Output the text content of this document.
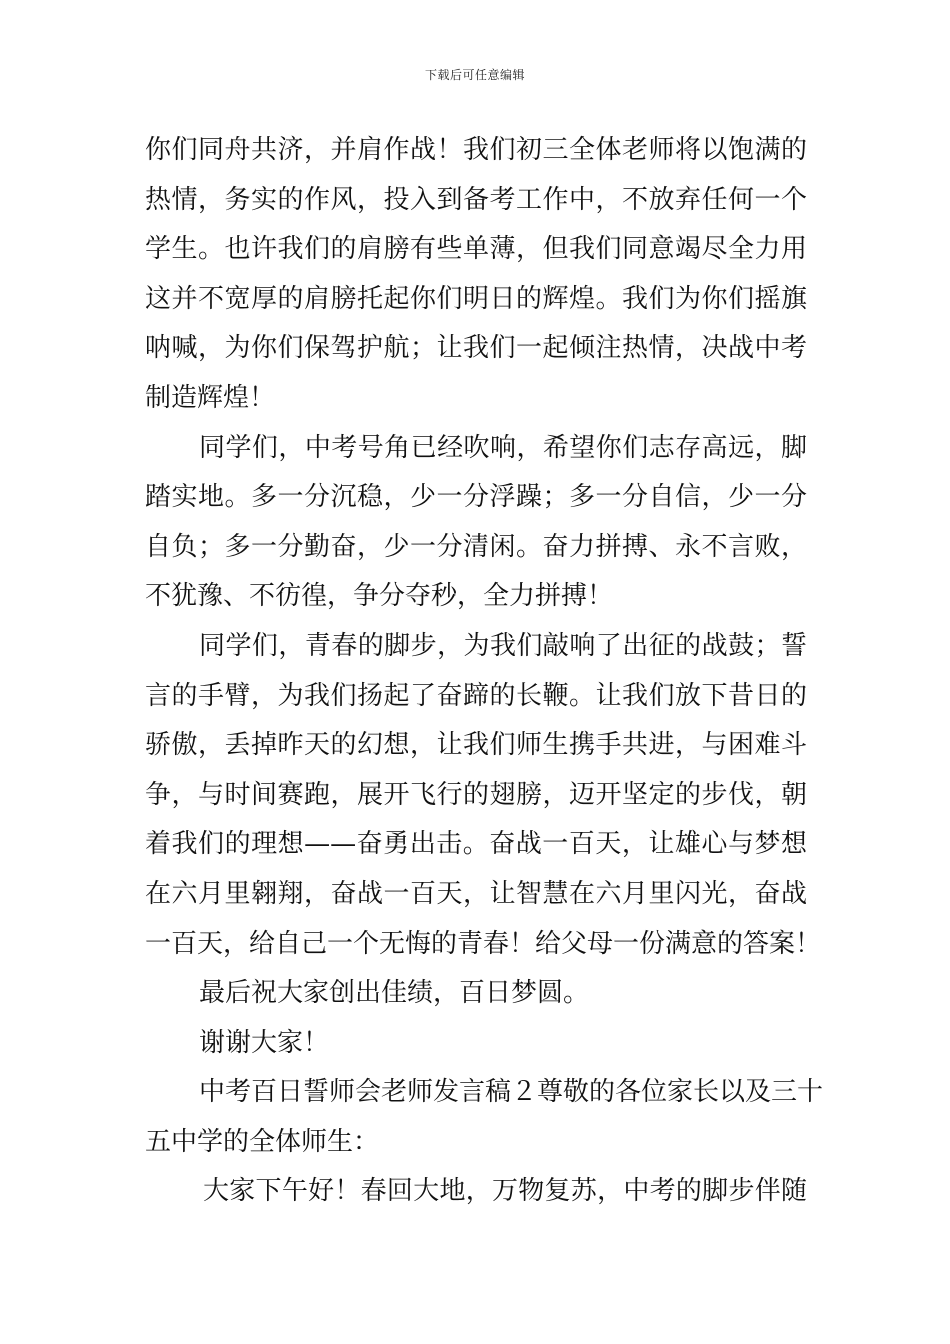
下载后可任意编辑
你们同舟共济，并肩作战！我们初三全体老师将以饱满的
热情，务实的作风，投入到备考工作中，不放弃任何一个
学生。也许我们的肩膀有些单薄，但我们同意竭尽全力用
这并不宽厚的肩膀托起你们明日的辉煌。我们为你们摇旗
呐喊，为你们保驾护航；让我们一起倾注热情，决战中考
制造辉煌！
同学们，中考号角已经吹响，希望你们志存高远，脚
踏实地。多一分沉稳，少一分浮躁；多一分自信，少一分
自负；多一分勤奋，少一分清闲。奋力拼搏、永不言败，
不犹豫、不彷徨，争分夺秒，全力拼搏！
同学们，青春的脚步，为我们敲响了出征的战鼓；誓
言的手臂，为我们扬起了奋蹄的长鞭。让我们放下昔日的
骄傲，丢掉昨天的幻想，让我们师生携手共进，与困难斗
争，与时间赛跑，展开飞行的翅膀，迈开坚定的步伐，朝
着我们的理想——奋勇出击。奋战一百天，让雄心与梦想
在六月里翱翔，奋战一百天，让智慧在六月里闪光，奋战
一百天，给自己一个无悔的青春！给父母一份满意的答案！
最后祝大家创出佳绩，百日梦圆。
谢谢大家！
中考百日誓师会老师发言稿２尊敬的各位家长以及三十
五中学的全体师生：
大家下午好！春回大地，万物复苏，中考的脚步伴随
